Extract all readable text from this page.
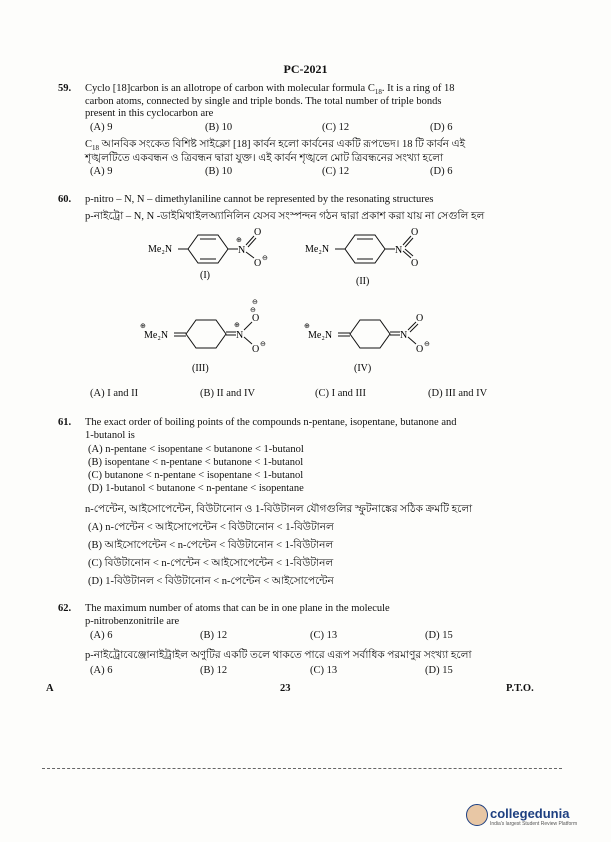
PC-2021
59. Cyclo [18]carbon is an allotrope of carbon with molecular formula $C_{18}$. It is a ring of 18
carbon atoms, connected by single and triple bonds. The total number of triple bonds
present in this cyclocarbon are
(A) 9	(B) 10	(C) 12	(D) 6
$C_{18}$ আনবিক সংকেত বিশিষ্ট সাইক্লো [18] কার্বন হলো কার্বনের একটি রূপভেদ। 18 টি কার্বন এই
শৃঙ্খলটিতে একবন্ধন ও ত্রিবন্ধন দ্বারা যুক্ত। এই কার্বন শৃঙ্খলে মোট ত্রিবন্ধনের সংখ্যা হলো
(A) 9	(B) 10	(C) 12	(D) 6
60. p-nitro – N, N – dimethylaniline cannot be represented by the resonating structures
p-নাইট্রো – N, N -ডাইমিথাইলঅ্যানিলিন যেসব সংস্পন্দন গঠন দ্বারা প্রকাশ করা যায় না সেগুলি হল
Me₂N	N
⊕
O
O ⊖
(I)
Me₂N	N
O
O
(II)
⊕
Me₂N	N
⊕
O
⊖
⊖
O ⊖
(III)
⊕
Me₂N	N
O
O ⊖
(IV)
(A) I and II	(B) II and IV	(C) I and III	(D) III and IV
61. The exact order of boiling points of the compounds n-pentane, isopentane, butanone and
1-butanol is
(A) n-pentane < isopentane < butanone < 1-butanol
(B) isopentane < n-pentane < butanone < 1-butanol
(C) butanone < n-pentane < isopentane < 1-butanol
(D) 1-butanol < butanone < n-pentane < isopentane
n-পেন্টেন, আইসোপেন্টেন, বিউটানোন ও 1-বিউটানল যৌগগুলির স্ফুটনাঙ্কের সঠিক ক্রমটি হলো
(A) n-পেন্টেন < আইসোপেন্টেন < বিউটানোন < 1-বিউটানল
(B) আইসোপেন্টেন < n-পেন্টেন < বিউটানোন < 1-বিউটানল
(C) বিউটানোন < n-পেন্টেন < আইসোপেন্টেন < 1-বিউটানল
(D) 1-বিউটানল < বিউটানোন < n-পেন্টেন < আইসোপেন্টেন
62. The maximum number of atoms that can be in one plane in the molecule
p-nitrobenzonitrile are
(A) 6	(B) 12	(C) 13	(D) 15
p-নাইট্রোবেঞ্জোনাইট্রাইল অণুটির একটি তলে থাকতে পারে এরূপ সর্বাধিক পরমাণুর সংখ্যা হলো
(A) 6	(B) 12	(C) 13	(D) 15
A	23	P.T.O.
collegedunia
India's largest Student Review Platform
